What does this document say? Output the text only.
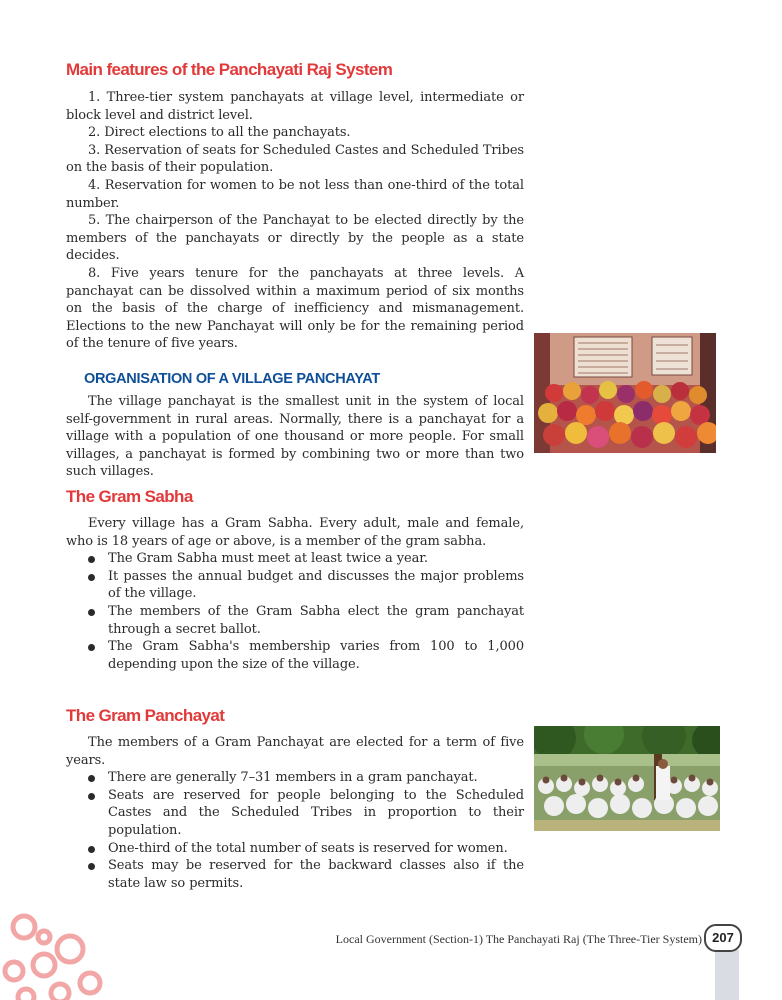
Main features of the Panchayati Raj System

1. Three-tier system panchayats at village level, intermediate or block level and district level.

2. Direct elections to all the panchayats.

3. Reservation of seats for Scheduled Castes and Scheduled Tribes on the basis of their population.

4. Reservation for women to be not less than one-third of the total number.

5. The chairperson of the Panchayat to be elected directly by the members of the panchayats or directly by the people as a state decides.

8. Five years tenure for the panchayats at three levels. A panchayat can be dissolved within a maximum period of six months on the basis of the charge of inefficiency and mismanagement. Elections to the new Panchayat will only be for the remaining period of the tenure of five years.

ORGANISATION OF A VILLAGE PANCHAYAT

The village panchayat is the smallest unit in the system of local self-government in rural areas. Normally, there is a panchayat for a village with a population of one thousand or more people. For small villages, a panchayat is formed by combining two or more than two such villages.

The Gram Sabha

Every village has a Gram Sabha. Every adult, male and female, who is 18 years of age or above, is a member of the gram sabha.

The Gram Sabha must meet at least twice a year.
It passes the annual budget and discusses the major problems of the village.
The members of the Gram Sabha elect the gram panchayat through a secret ballot.
The Gram Sabha's membership varies from 100 to 1,000 depending upon the size of the village.
The Gram Panchayat

The members of a Gram Panchayat are elected for a term of five years.

There are generally 7–31 members in a gram panchayat.
Seats are reserved for people belonging to the Scheduled Castes and the Scheduled Tribes in proportion to their population.
One-third of the total number of seats is reserved for women.
Seats may be reserved for the backward classes also if the state law so permits.
Local Government (Section-1) The Panchayati Raj (The Three-Tier System) 207
